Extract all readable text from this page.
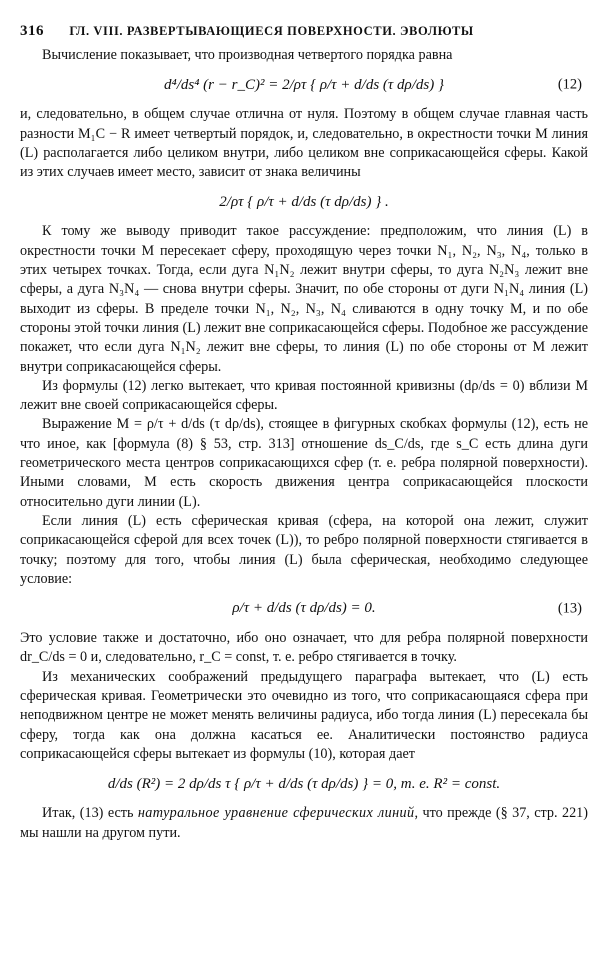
316 ГЛ. VIII. РАЗВЕРТЫВАЮЩИЕСЯ ПОВЕРХНОСТИ. ЭВОЛЮТЫ

Вычисление показывает, что производная четвертого порядка равна

d⁴/ds⁴ (r − r_C)² = 2/ρτ { ρ/τ + d/ds (τ dρ/ds) }	(12)

и, следовательно, в общем случае отлична от нуля. Поэтому в общем случае главная часть разности M₁C − R имеет четвертый порядок, и, следовательно, в окрестности точки M линия (L) располагается либо целиком внутри, либо целиком вне соприкасающейся сферы. Какой из этих случаев имеет место, зависит от знака величины

2/ρτ { ρ/τ + d/ds (τ dρ/ds) } .

К тому же выводу приводит такое рассуждение: предположим, что линия (L) в окрестности точки M пересекает сферу, проходящую через точки N₁, N₂, N₃, N₄, только в этих четырех точках. Тогда, если дуга N₁N₂ лежит внутри сферы, то дуга N₂N₃ лежит вне сферы, а дуга N₃N₄ — снова внутри сферы. Значит, по обе стороны от дуги N₁N₄ линия (L) выходит из сферы. В пределе точки N₁, N₂, N₃, N₄ сливаются в одну точку M, и по обе стороны этой точки линия (L) лежит вне соприкасающейся сферы. Подобное же рассуждение покажет, что если дуга N₁N₂ лежит вне сферы, то линия (L) по обе стороны от M лежит внутри соприкасающейся сферы.

Из формулы (12) легко вытекает, что кривая постоянной кривизны (dρ/ds = 0) вблизи M лежит вне своей соприкасающейся сферы.

Выражение M = ρ/τ + d/ds (τ dρ/ds), стоящее в фигурных скобках формулы (12), есть не что иное, как [формула (8) § 53, стр. 313] отношение ds_C/ds, где s_C есть длина дуги геометрического места центров соприкасающихся сфер (т. е. ребра полярной поверхности). Иными словами, M есть скорость движения центра соприкасающейся плоскости относительно дуги линии (L).

Если линия (L) есть сферическая кривая (сфера, на которой она лежит, служит соприкасающейся сферой для всех точек (L)), то ребро полярной поверхности стягивается в точку; поэтому для того, чтобы линия (L) была сферическая, необходимо следующее условие:

ρ/τ + d/ds (τ dρ/ds) = 0.	(13)

Это условие также и достаточно, ибо оно означает, что для ребра полярной поверхности dr_C/ds = 0 и, следовательно, r_C = const, т. е. ребро стягивается в точку.

Из механических соображений предыдущего параграфа вытекает, что (L) есть сферическая кривая. Геометрически это очевидно из того, что соприкасающаяся сфера при неподвижном центре не может менять величины радиуса, ибо тогда линия (L) пересекала бы сферу, тогда как она должна касаться ее. Аналитически постоянство радиуса соприкасающейся сферы вытекает из формулы (10), которая дает

d/ds (R²) = 2 dρ/ds τ { ρ/τ + d/ds (τ dρ/ds) } = 0, т. е. R² = const.

Итак, (13) есть натуральное уравнение сферических линий, что прежде (§ 37, стр. 221) мы нашли на другом пути.
